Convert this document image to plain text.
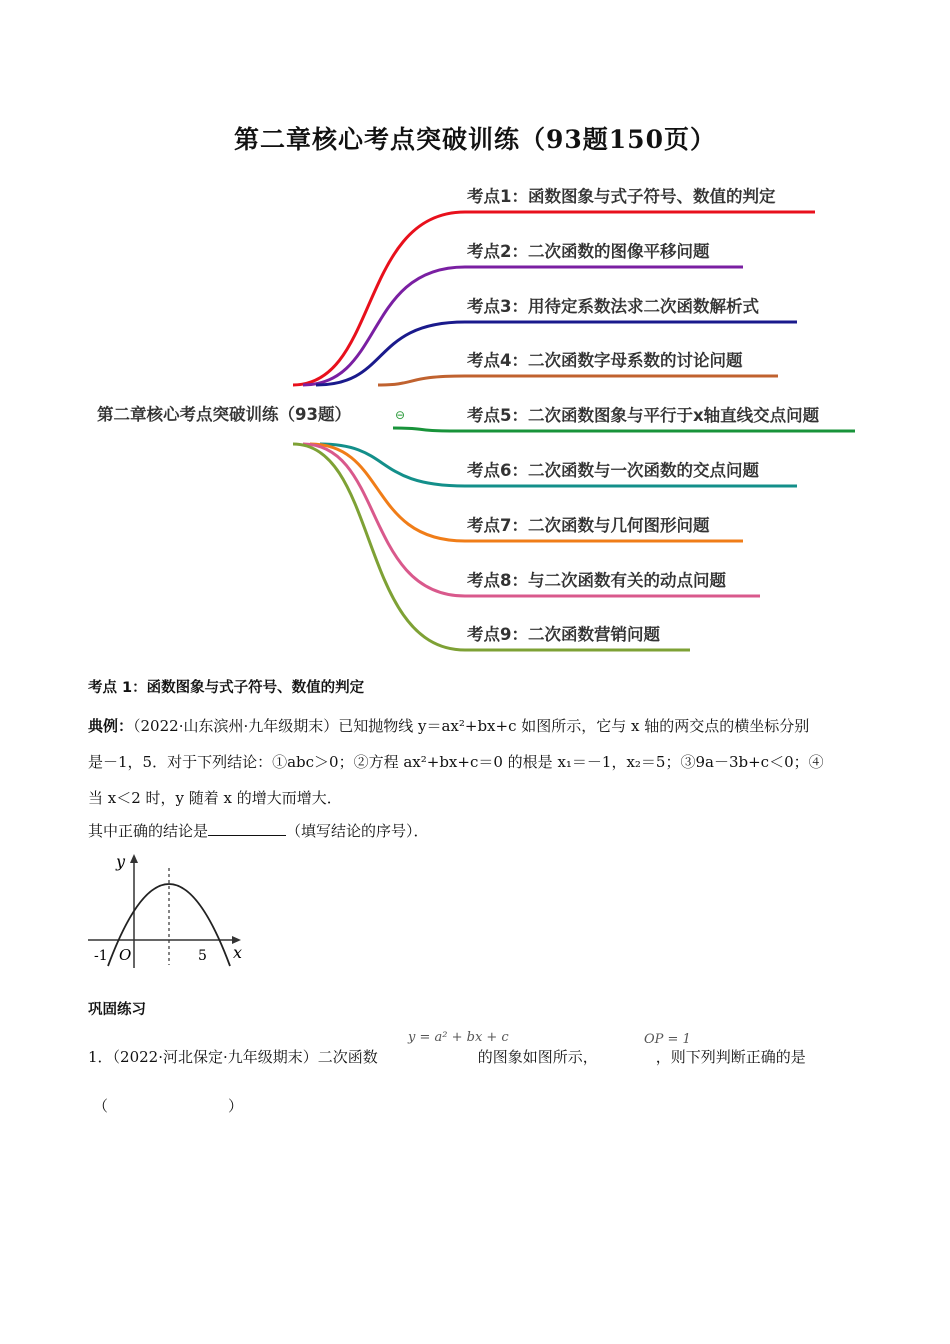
第二章核心考点突破训练（93题150页）
第二章核心考点突破训练（93题）	⊖
考点1：函数图象与式子符号、数值的判定
考点2：二次函数的图像平移问题
考点3：用待定系数法求二次函数解析式
考点4：二次函数字母系数的讨论问题
考点5：二次函数图象与平行于x轴直线交点问题
考点6：二次函数与一次函数的交点问题
考点7：二次函数与几何图形问题
考点8：与二次函数有关的动点问题
考点9：二次函数营销问题
考点 1：函数图象与式子符号、数值的判定
典例：（2022·山东滨州·九年级期末）已知抛物线 y＝ax²+bx+c 如图所示，它与 x 轴的两交点的横坐标分别
是－1，5．对于下列结论：①abc＞0；②方程 ax²+bx+c＝0 的根是 x₁＝－1，x₂＝5；③9a－3b+c＜0；④
当 x＜2 时，y 随着 x 的增大而增大．
其中正确的结论是	（填写结论的序号）．
y
x
O
-1	5
巩固练习
y = a² + bx + c	OP = 1
1．（2022·河北保定·九年级期末）二次函数	的图象如图所示，	，则下列判断正确的是
（　　　　　　　　）
